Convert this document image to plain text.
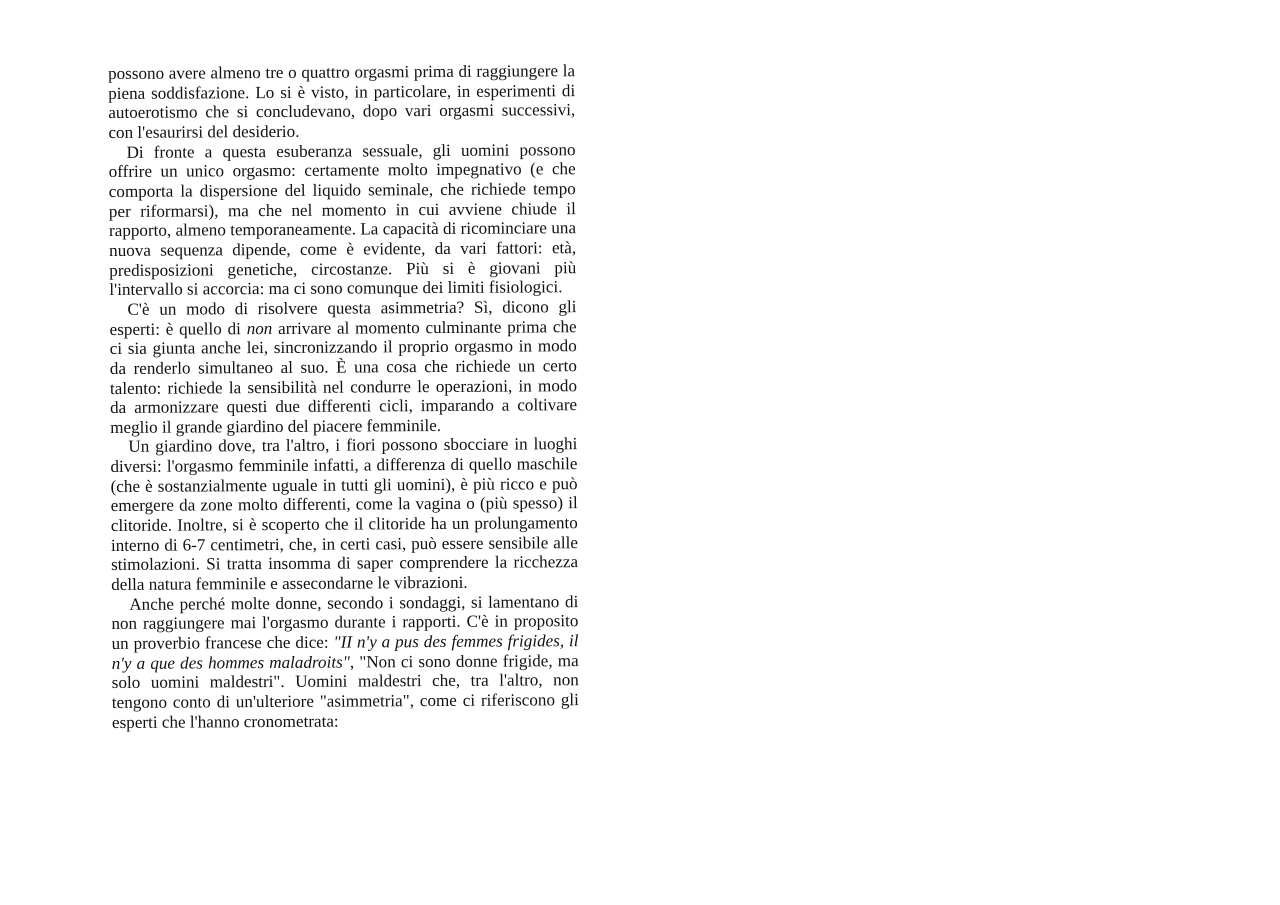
possono avere almeno tre o quattro orgasmi prima di raggiungere la piena soddisfazione. Lo si è visto, in particolare, in esperimenti di autoerotismo che si concludevano, dopo vari orgasmi successivi, con l'esaurirsi del desiderio.

Di fronte a questa esuberanza sessuale, gli uomini possono offrire un unico orgasmo: certamente molto impegnativo (e che comporta la dispersione del liquido seminale, che richiede tempo per riformarsi), ma che nel momento in cui avviene chiude il rapporto, almeno temporaneamente. La capacità di ricominciare una nuova sequenza dipende, come è evidente, da vari fattori: età, predisposizioni genetiche, circostanze. Più si è giovani più l'intervallo si accorcia: ma ci sono comunque dei limiti fisiologici.

C'è un modo di risolvere questa asimmetria? Sì, dicono gli esperti: è quello di non arrivare al momento culminante prima che ci sia giunta anche lei, sincronizzando il proprio orgasmo in modo da renderlo simultaneo al suo. È una cosa che richiede un certo talento: richiede la sensibilità nel condurre le operazioni, in modo da armonizzare questi due differenti cicli, imparando a coltivare meglio il grande giardino del piacere femminile.

Un giardino dove, tra l'altro, i fiori possono sbocciare in luoghi diversi: l'orgasmo femminile infatti, a differenza di quello maschile (che è sostanzialmente uguale in tutti gli uomini), è più ricco e può emergere da zone molto differenti, come la vagina o (più spesso) il clitoride. Inoltre, si è scoperto che il clitoride ha un prolungamento interno di 6-7 centimetri, che, in certi casi, può essere sensibile alle stimolazioni. Si tratta insomma di saper comprendere la ricchezza della natura femminile e assecondarne le vibrazioni.

Anche perché molte donne, secondo i sondaggi, si lamentano di non raggiungere mai l'orgasmo durante i rapporti. C'è in proposito un proverbio francese che dice: "II n'y a pus des femmes frigides, il n'y a que des hommes maladroits", "Non ci sono donne frigide, ma solo uomini maldestri". Uomini maldestri che, tra l'altro, non tengono conto di un'ulteriore "asimmetria", come ci riferiscono gli esperti che l'hanno cronometrata:
